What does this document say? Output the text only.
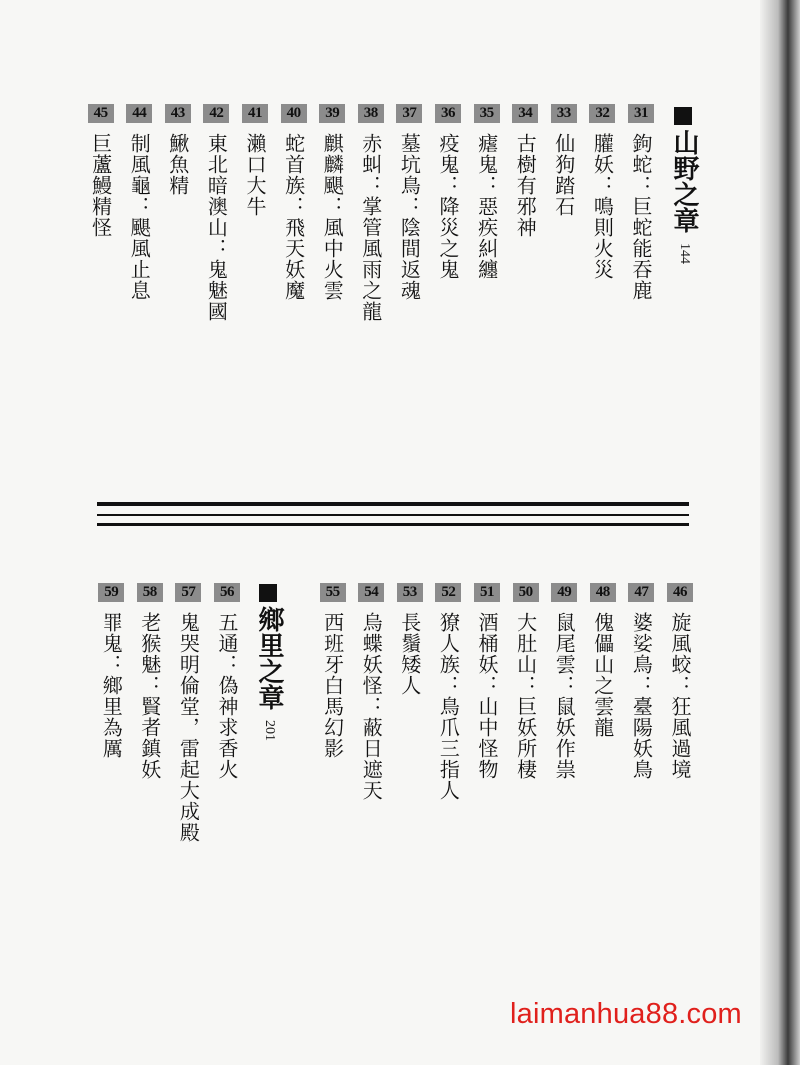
31
鉤蛇：巨蛇能吞鹿
32
䑏妖：鳴則火災
33
仙狗踏石
34
古樹有邪神
35
瘧鬼：惡疾糾纏
36
疫鬼：降災之鬼
37
墓坑鳥：陰間返魂
38
赤虯：掌管風雨之龍
39
麒麟颶：風中火雲
40
蛇首族：飛天妖魔
41
瀨口大牛
42
東北暗澳山：鬼魅國
43
鰍魚精
44
制風龜：颶風止息
45
巨蘆鰻精怪	山野之章
144
46
旋風蛟：狂風過境
47
婆娑鳥：臺陽妖鳥
48
傀儡山之雲龍
49
鼠尾雲：鼠妖作祟
50
大肚山：巨妖所棲
51
酒桶妖：山中怪物
52
獠人族：鳥爪三指人
53
長鬚矮人
54
烏蝶妖怪：蔽日遮天
55
西班牙白馬幻影
56
五通：偽神求香火
57
鬼哭明倫堂，雷起大成殿
58
老猴魅：賢者鎮妖
59
罪鬼：鄉里為厲	鄉里之章
201
laimanhua88.com
